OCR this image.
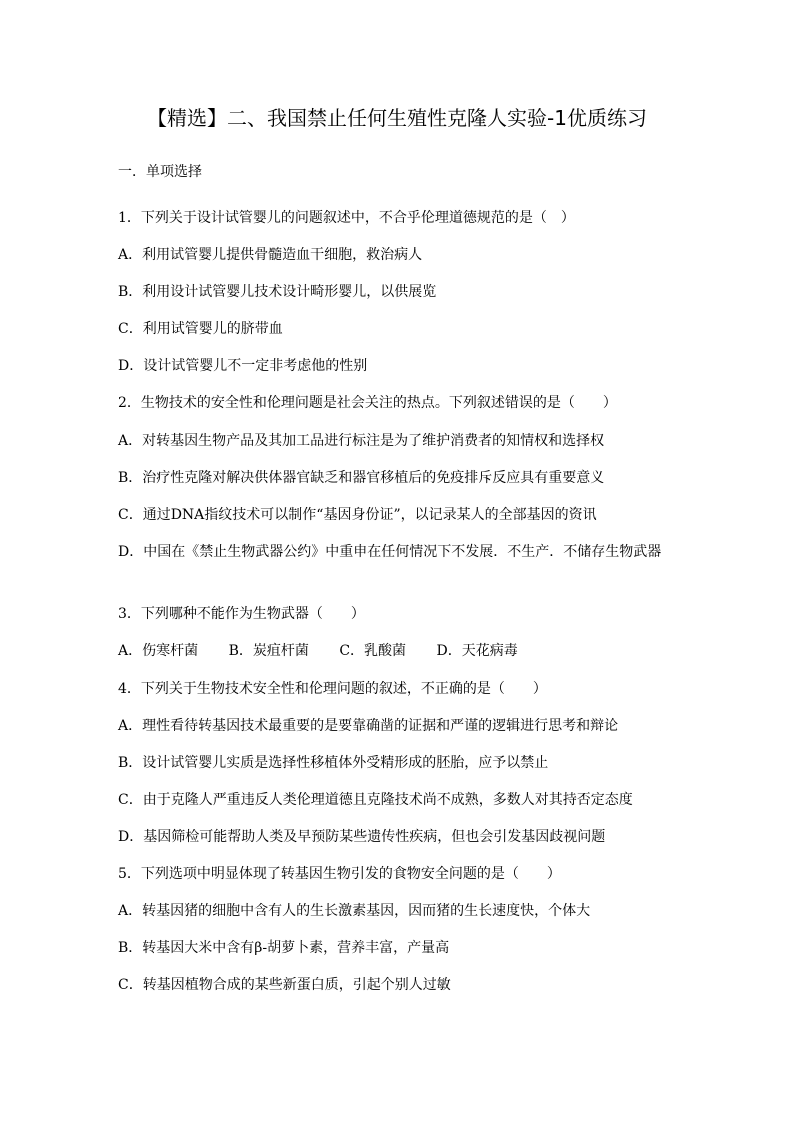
【精选】二、我国禁止任何生殖性克隆人实验-1优质练习
一．单项选择
1．下列关于设计试管婴儿的问题叙述中，不合乎伦理道德规范的是（　）
A．利用试管婴儿提供骨髓造血干细胞，救治病人
B．利用设计试管婴儿技术设计畸形婴儿，以供展览
C．利用试管婴儿的脐带血
D．设计试管婴儿不一定非考虑他的性别
2．生物技术的安全性和伦理问题是社会关注的热点。下列叙述错误的是（　　）
A．对转基因生物产品及其加工品进行标注是为了维护消费者的知情权和选择权
B．治疗性克隆对解决供体器官缺乏和器官移植后的免疫排斥反应具有重要意义
C．通过DNA指纹技术可以制作“基因身份证”，以记录某人的全部基因的资讯
D．中国在《禁止生物武器公约》中重申在任何情况下不发展．不生产．不储存生物武器
3．下列哪种不能作为生物武器（　　）
A．伤寒杆菌 B．炭疽杆菌 C．乳酸菌 D．天花病毒
4．下列关于生物技术安全性和伦理问题的叙述，不正确的是（　　）
A．理性看待转基因技术最重要的是要靠确凿的证据和严谨的逻辑进行思考和辩论
B．设计试管婴儿实质是选择性移植体外受精形成的胚胎，应予以禁止
C．由于克隆人严重违反人类伦理道德且克隆技术尚不成熟，多数人对其持否定态度
D．基因筛检可能帮助人类及早预防某些遗传性疾病，但也会引发基因歧视问题
5．下列选项中明显体现了转基因生物引发的食物安全问题的是（　　）
A．转基因猪的细胞中含有人的生长激素基因，因而猪的生长速度快，个体大
B．转基因大米中含有β-胡萝卜素，营养丰富，产量高
C．转基因植物合成的某些新蛋白质，引起个别人过敏
